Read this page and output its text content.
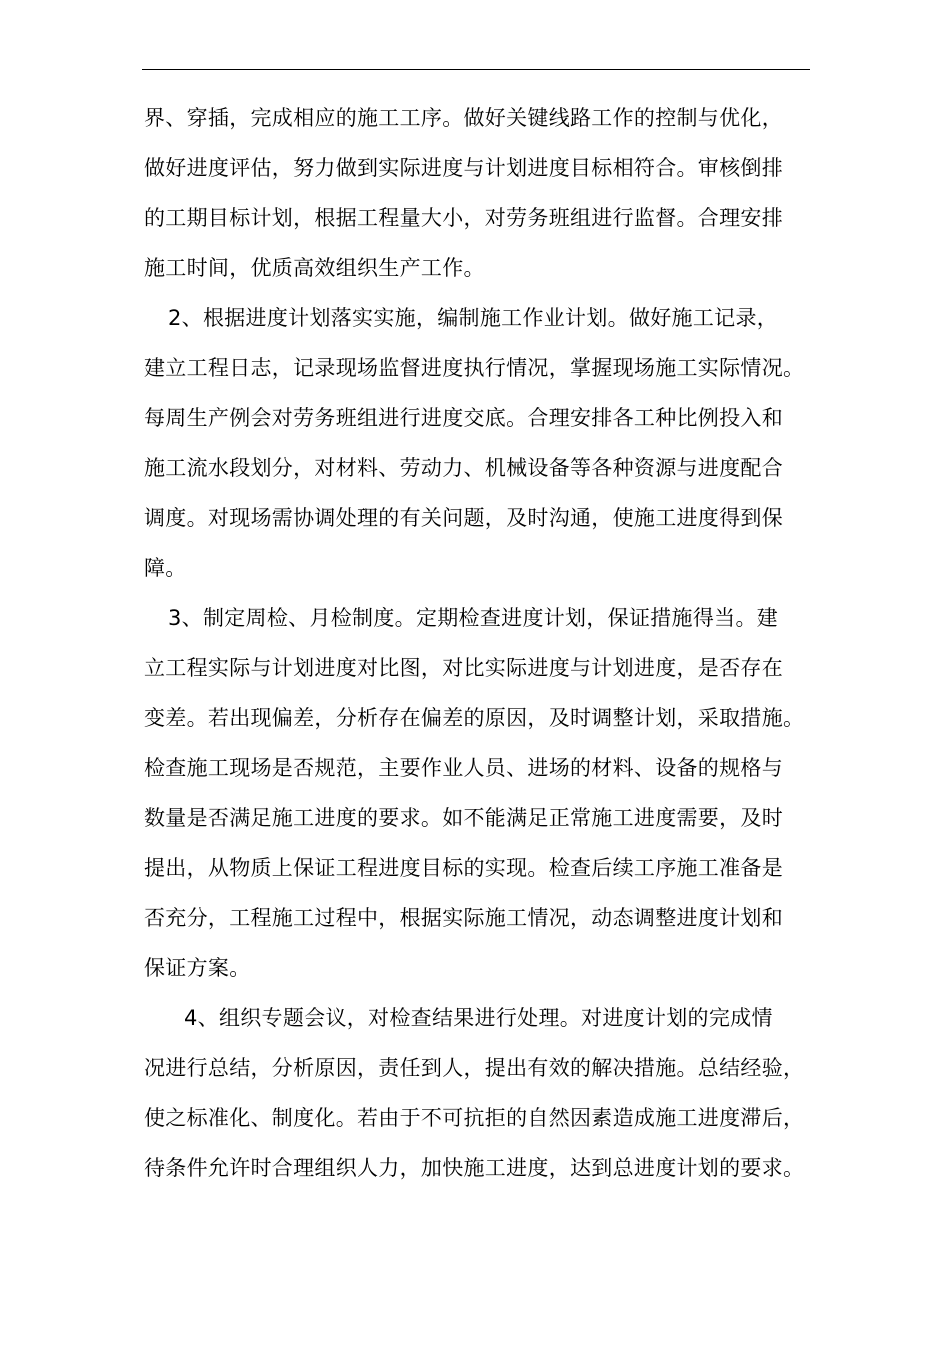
界、穿插，完成相应的施工工序。做好关键线路工作的控制与优化，
做好进度评估，努力做到实际进度与计划进度目标相符合。审核倒排
的工期目标计划，根据工程量大小，对劳务班组进行监督。合理安排
施工时间，优质高效组织生产工作。
2、根据进度计划落实实施，编制施工作业计划。做好施工记录，
建立工程日志，记录现场监督进度执行情况，掌握现场施工实际情况。
每周生产例会对劳务班组进行进度交底。合理安排各工种比例投入和
施工流水段划分，对材料、劳动力、机械设备等各种资源与进度配合
调度。对现场需协调处理的有关问题，及时沟通，使施工进度得到保
障。
3、制定周检、月检制度。定期检查进度计划，保证措施得当。建
立工程实际与计划进度对比图，对比实际进度与计划进度，是否存在
变差。若出现偏差，分析存在偏差的原因，及时调整计划，采取措施。
检查施工现场是否规范，主要作业人员、进场的材料、设备的规格与
数量是否满足施工进度的要求。如不能满足正常施工进度需要，及时
提出，从物质上保证工程进度目标的实现。检查后续工序施工准备是
否充分，工程施工过程中，根据实际施工情况，动态调整进度计划和
保证方案。
4、组织专题会议，对检查结果进行处理。对进度计划的完成情
况进行总结，分析原因，责任到人，提出有效的解决措施。总结经验，
使之标准化、制度化。若由于不可抗拒的自然因素造成施工进度滞后，
待条件允许时合理组织人力，加快施工进度，达到总进度计划的要求。
